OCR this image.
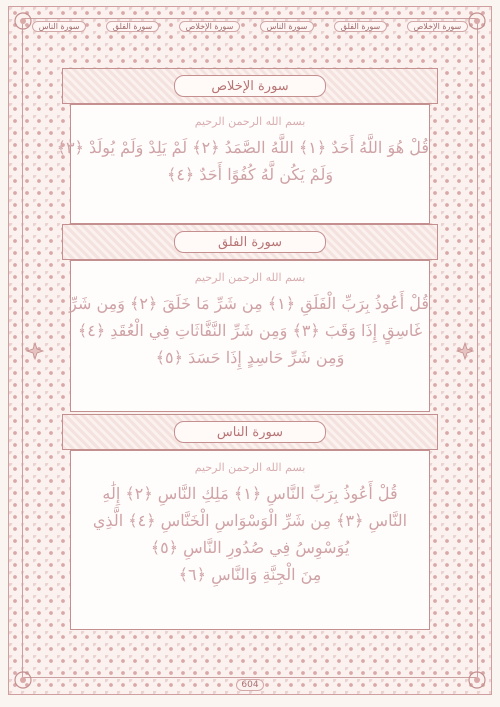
سورة الإخلاص
سورة الفلق
سورة الناس
سورة الإخلاص
سورة الفلق
سورة الناس
سورة الإخلاص
بسم الله الرحمن الرحيم
قُلْ هُوَ اللَّهُ أَحَدٌ ﴿١﴾ اللَّهُ الصَّمَدُ ﴿٢﴾ لَمْ يَلِدْ وَلَمْ يُولَدْ ﴿٣﴾
وَلَمْ يَكُن لَّهُ كُفُوًا أَحَدٌ ﴿٤﴾
سورة الفلق
بسم الله الرحمن الرحيم
قُلْ أَعُوذُ بِرَبِّ الْفَلَقِ ﴿١﴾ مِن شَرِّ مَا خَلَقَ ﴿٢﴾ وَمِن شَرِّ
غَاسِقٍ إِذَا وَقَبَ ﴿٣﴾ وَمِن شَرِّ النَّفَّاثَاتِ فِي الْعُقَدِ ﴿٤﴾
وَمِن شَرِّ حَاسِدٍ إِذَا حَسَدَ ﴿٥﴾
سورة الناس
بسم الله الرحمن الرحيم
قُلْ أَعُوذُ بِرَبِّ النَّاسِ ﴿١﴾ مَلِكِ النَّاسِ ﴿٢﴾ إِلَٰهِ
النَّاسِ ﴿٣﴾ مِن شَرِّ الْوَسْوَاسِ الْخَنَّاسِ ﴿٤﴾ الَّذِي
يُوَسْوِسُ فِي صُدُورِ النَّاسِ ﴿٥﴾
مِنَ الْجِنَّةِ وَالنَّاسِ ﴿٦﴾
604
